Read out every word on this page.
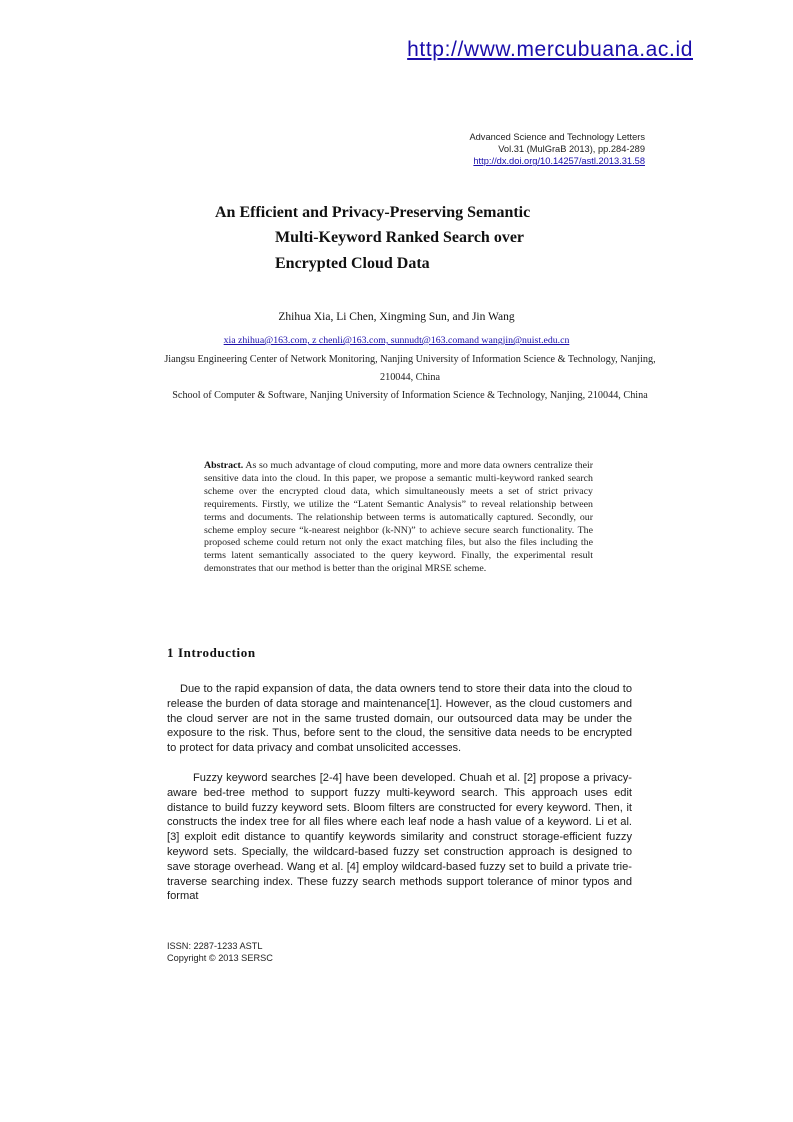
http://www.mercubuana.ac.id
Advanced Science and Technology Letters
Vol.31 (MulGraB 2013), pp.284-289
http://dx.doi.org/10.14257/astl.2013.31.58
An Efficient and Privacy-Preserving Semantic
Multi-Keyword Ranked Search over
Encrypted Cloud Data
Zhihua Xia, Li Chen, Xingming Sun, and Jin Wang
xia zhihua@163.com, z chenli@163.com, sunnudt@163.comand wangjin@nuist.edu.cn
Jiangsu Engineering Center of Network Monitoring, Nanjing University of Information Science & Technology, Nanjing, 210044, China
School of Computer & Software, Nanjing University of Information Science & Technology, Nanjing, 210044, China
Abstract. As so much advantage of cloud computing, more and more data owners centralize their sensitive data into the cloud. In this paper, we propose a semantic multi-keyword ranked search scheme over the encrypted cloud data, which simultaneously meets a set of strict privacy requirements. Firstly, we utilize the “Latent Semantic Analysis” to reveal relationship between terms and documents. The relationship between terms is automatically captured. Secondly, our scheme employ secure “k-nearest neighbor (k-NN)” to achieve secure search functionality. The proposed scheme could return not only the exact matching files, but also the files including the terms latent semantically associated to the query keyword. Finally, the experimental result demonstrates that our method is better than the original MRSE scheme.
1 Introduction
Due to the rapid expansion of data, the data owners tend to store their data into the cloud to release the burden of data storage and maintenance[1]. However, as the cloud customers and the cloud server are not in the same trusted domain, our outsourced data may be under the exposure to the risk. Thus, before sent to the cloud, the sensitive data needs to be encrypted to protect for data privacy and combat unsolicited accesses.
Fuzzy keyword searches [2-4] have been developed. Chuah et al. [2] propose a privacy-aware bed-tree method to support fuzzy multi-keyword search. This approach uses edit distance to build fuzzy keyword sets. Bloom filters are constructed for every keyword. Then, it constructs the index tree for all files where each leaf node a hash value of a keyword. Li et al. [3] exploit edit distance to quantify keywords similarity and construct storage-efficient fuzzy keyword sets. Specially, the wildcard-based fuzzy set construction approach is designed to save storage overhead. Wang et al. [4] employ wildcard-based fuzzy set to build a private trie-traverse searching index. These fuzzy search methods support tolerance of minor typos and format
ISSN: 2287-1233 ASTL
Copyright © 2013 SERSC
